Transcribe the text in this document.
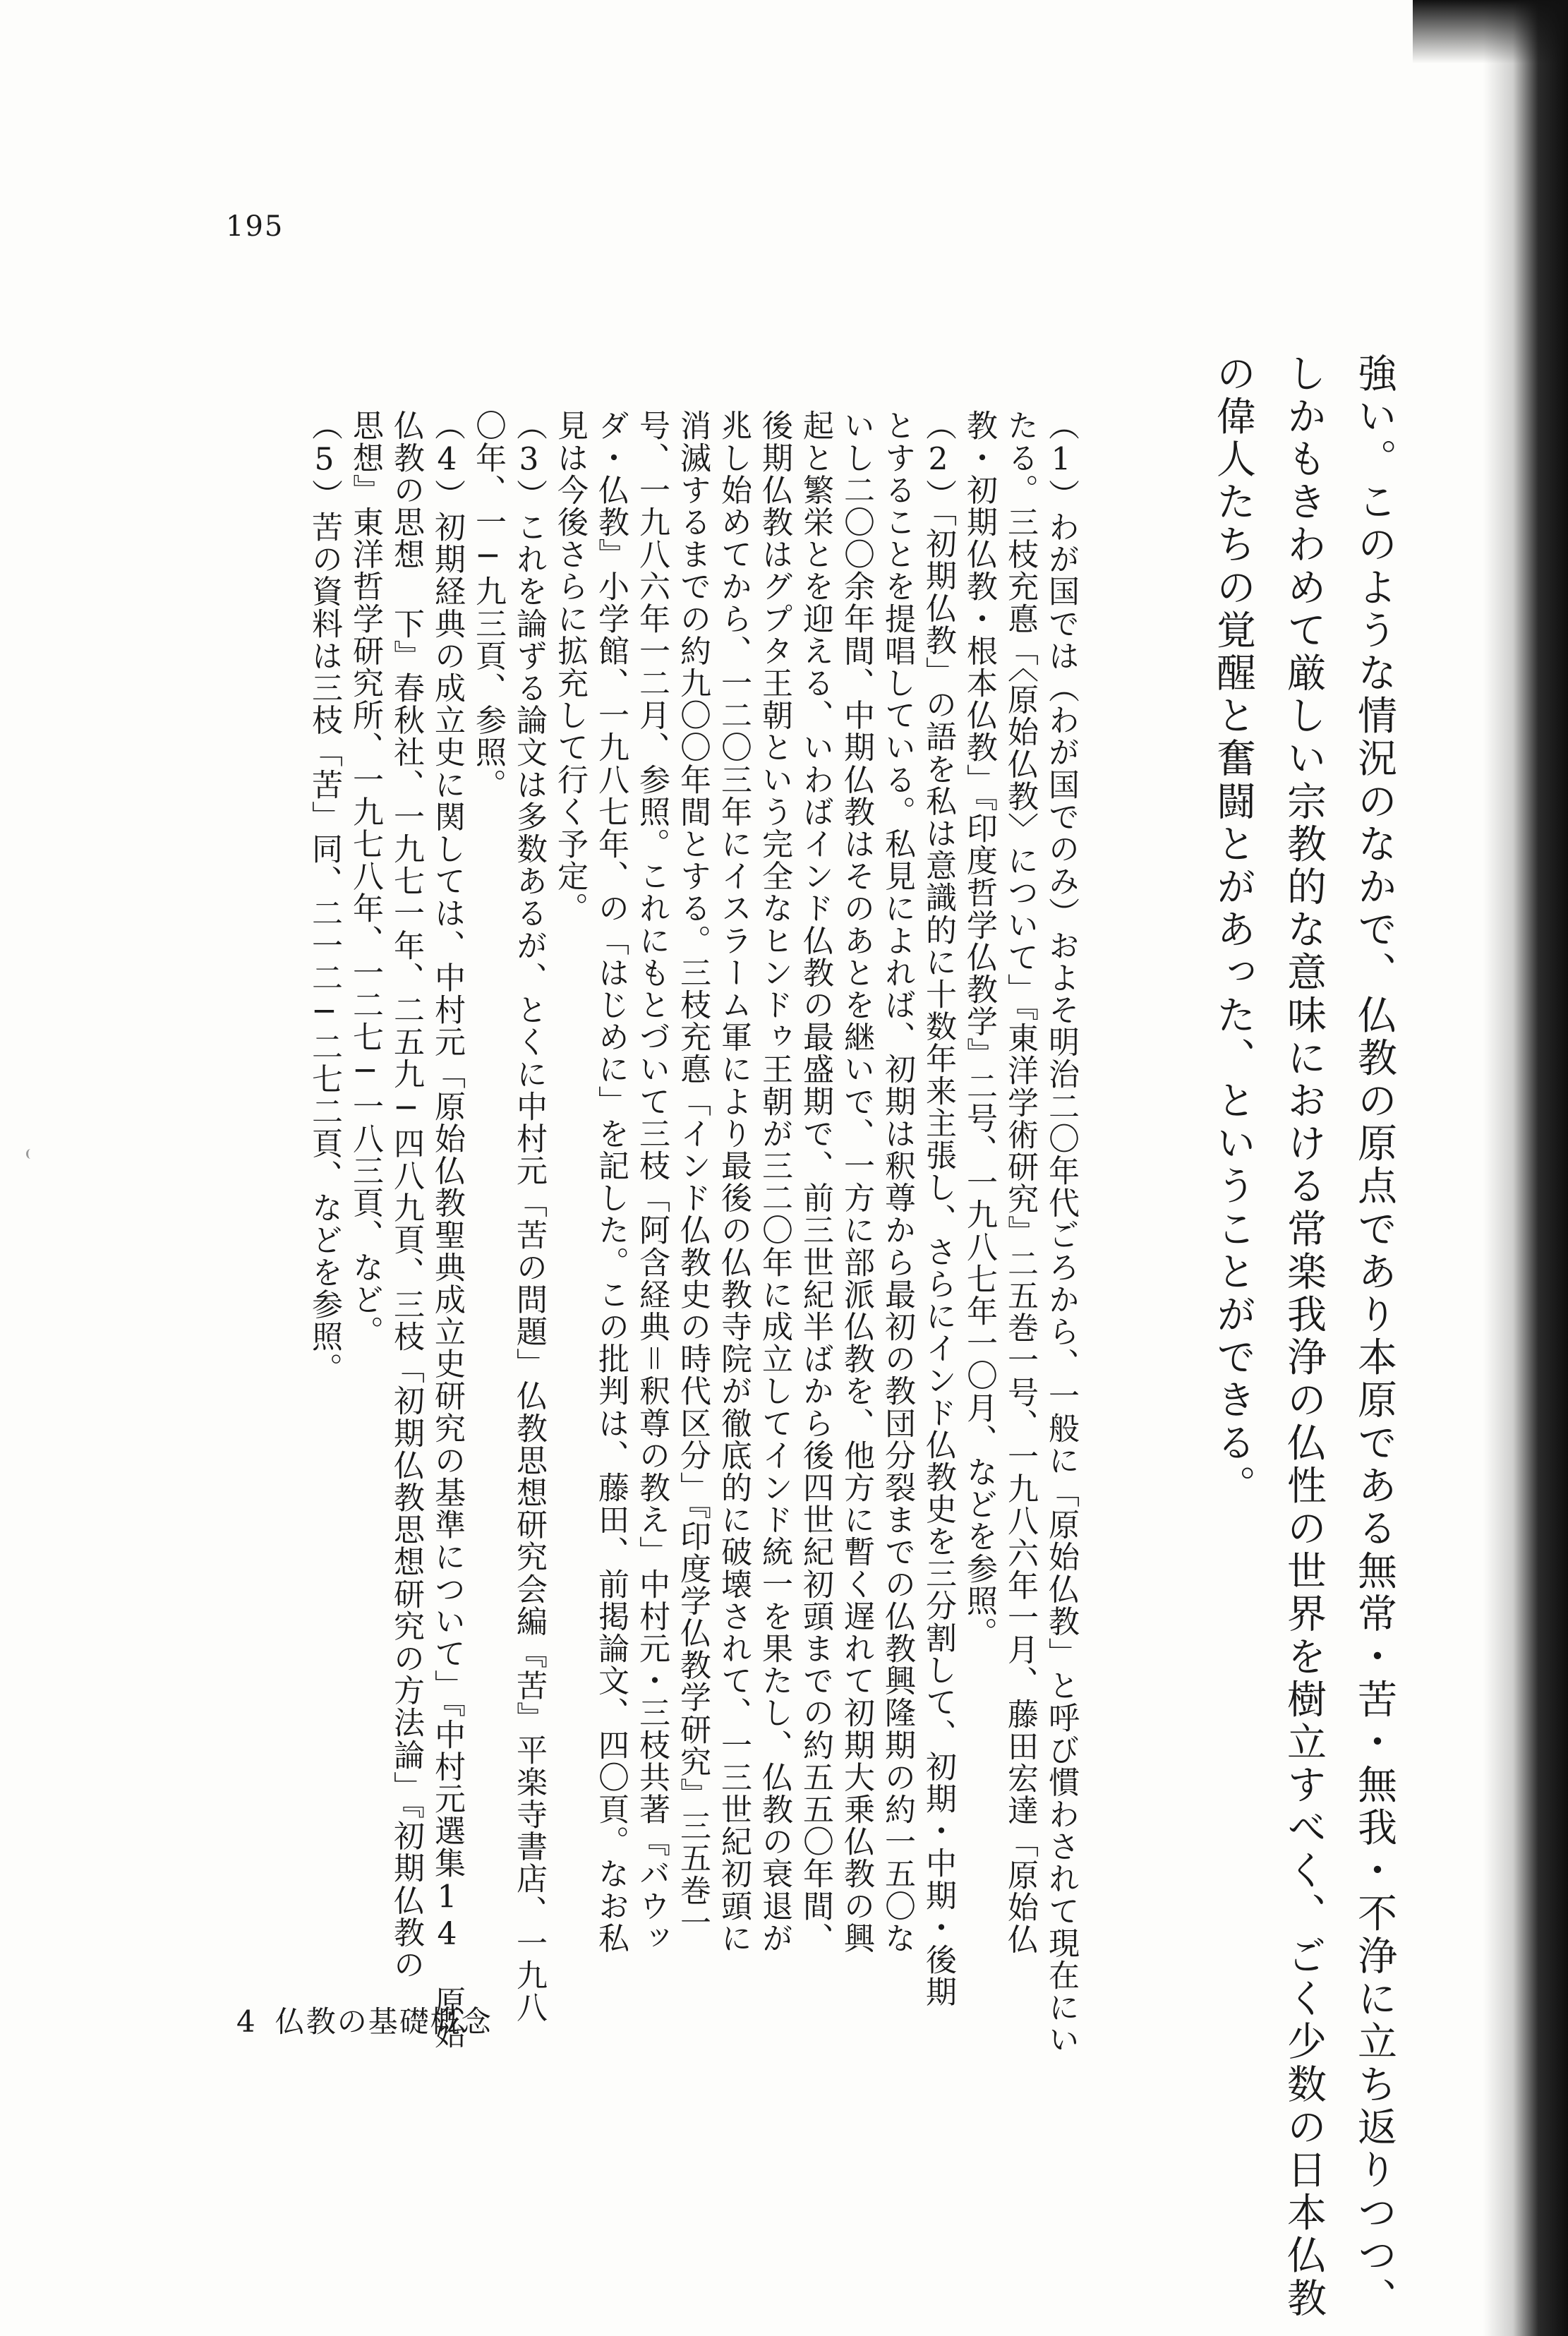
195
強い。このような情況のなかで、仏教の原点であり本原である無常・苦・無我・不浄に立ち返りつつ、
しかもきわめて厳しい宗教的な意味における常楽我浄の仏性の世界を樹立すべく、ごく少数の日本仏教
の偉人たちの覚醒と奮闘とがあった、ということができる。
（1）わが国では（わが国でのみ）およそ明治二〇年代ごろから、一般に「原始仏教」と呼び慣わされて現在にい
たる。三枝充悳「〈原始仏教〉について」『東洋学術研究』二五巻一号、一九八六年一月、藤田宏達「原始仏
教・初期仏教・根本仏教」『印度哲学仏教学』二号、一九八七年一〇月、などを参照。
（2）「初期仏教」の語を私は意識的に十数年来主張し、さらにインド仏教史を三分割して、初期・中期・後期
とすることを提唱している。私見によれば、初期は釈尊から最初の教団分裂までの仏教興隆期の約一五〇な
いし二〇〇余年間、中期仏教はそのあとを継いで、一方に部派仏教を、他方に暫く遅れて初期大乗仏教の興
起と繁栄とを迎える、いわばインド仏教の最盛期で、前三世紀半ばから後四世紀初頭までの約五五〇年間、
後期仏教はグプタ王朝という完全なヒンドゥ王朝が三二〇年に成立してインド統一を果たし、仏教の衰退が
兆し始めてから、一二〇三年にイスラーム軍により最後の仏教寺院が徹底的に破壊されて、一三世紀初頭に
消滅するまでの約九〇〇年間とする。三枝充悳「インド仏教史の時代区分」『印度学仏教学研究』三五巻一
号、一九八六年一二月、参照。これにもとづいて三枝「阿含経典＝釈尊の教え」中村元・三枝共著『バウッ
ダ・仏教』小学館、一九八七年、の「はじめに」を記した。この批判は、藤田、前掲論文、四〇頁。なお私
見は今後さらに拡充して行く予定。
（3）これを論ずる論文は多数あるが、とくに中村元「苦の問題」仏教思想研究会編『苦』平楽寺書店、一九八
〇年、一─九三頁、参照。
（4）初期経典の成立史に関しては、中村元「原始仏教聖典成立史研究の基準について」『中村元選集14　原始
仏教の思想 下』春秋社、一九七一年、二五九─四八九頁、三枝「初期仏教思想研究の方法論」『初期仏教の
思想』東洋哲学研究所、一九七八年、一二七─一八三頁、など。
（5）苦の資料は三枝「苦」同、二一二─二七二頁、などを参照。
4 仏教の基礎概念
